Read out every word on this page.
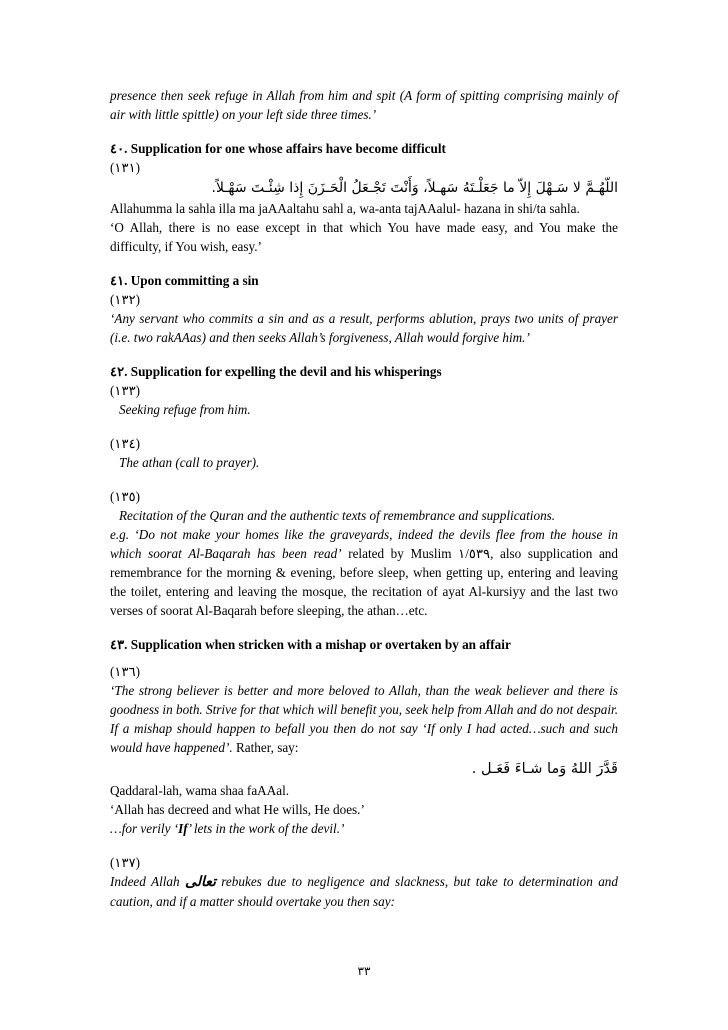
presence then seek refuge in Allah from him and spit (A form of spitting comprising mainly of air with little spittle) on your left side three times.’

٤٠. Supplication for one whose affairs have become difficult

(١٣١)

اللّهُـمَّ لا سَـهْلَ إِلاّ ما جَعَلْـتَهُ سَهـلاً، وَأَنْتَ تَجْـعَلُ الْحَـزَنَ إِذا شِئْـتَ سَهْـلاً.

Allahumma la sahla illa ma jaAAaltahu sahl a, wa-anta tajAAalul- hazana in shi/ta sahla.

‘O Allah, there is no ease except in that which You have made easy, and You make the difficulty, if You wish, easy.’

٤١. Upon committing a sin

(١٣٢)

‘Any servant who commits a sin and as a result, performs ablution, prays two units of prayer (i.e. two rakAAas) and then seeks Allah’s forgiveness, Allah would forgive him.’

٤٢. Supplication for expelling the devil and his whisperings

(١٣٣)

Seeking refuge from him.

(١٣٤)

The athan (call to prayer).

(١٣٥)

Recitation of the Quran and the authentic texts of remembrance and supplications.

e.g. ‘Do not make your homes like the graveyards, indeed the devils flee from the house in which soorat Al-Baqarah has been read’ related by Muslim ١/٥٣٩, also supplication and remembrance for the morning & evening, before sleep, when getting up, entering and leaving the toilet, entering and leaving the mosque, the recitation of ayat Al-kursiyy and the last two verses of soorat Al-Baqarah before sleeping, the athan…etc.

٤٣. Supplication when stricken with a mishap or overtaken by an affair

(١٣٦)

‘The strong believer is better and more beloved to Allah, than the weak believer and there is goodness in both. Strive for that which will benefit you, seek help from Allah and do not despair. If a mishap should happen to befall you then do not say ‘If only I had acted…such and such would have happened’. Rather, say:

قَدَّرَ اللهُ وَما شـاءَ فَعَـل .

Qaddaral-lah, wama shaa faAAal.

‘Allah has decreed and what He wills, He does.’

…for verily ‘If’ lets in the work of the devil.’

(١٣٧)

Indeed Allah تعالى rebukes due to negligence and slackness, but take to determination and caution, and if a matter should overtake you then say:

٣٣
